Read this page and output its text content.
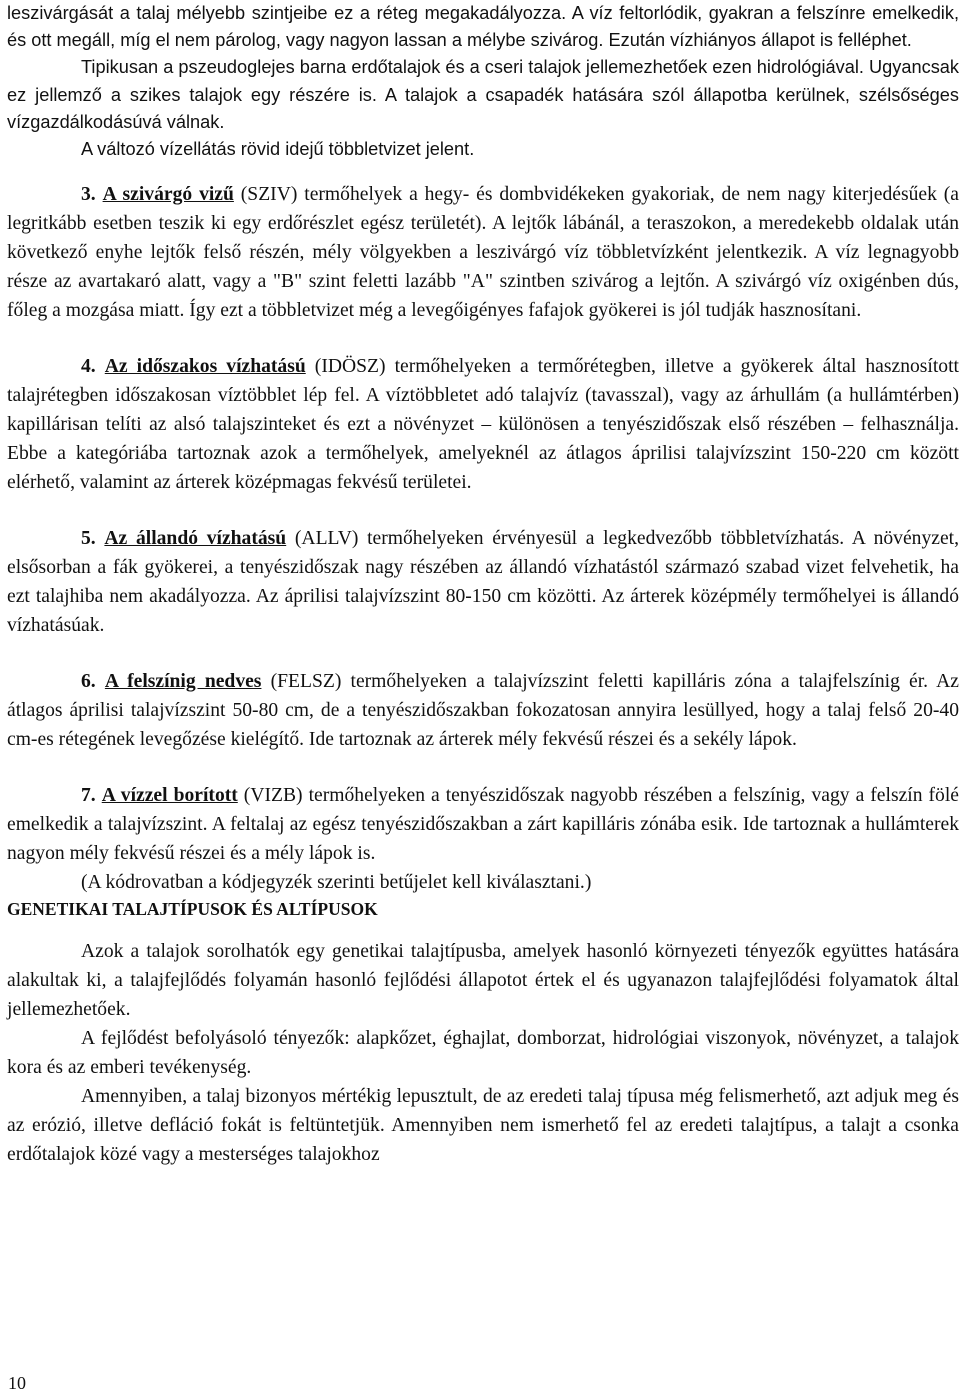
leszivárgását a talaj mélyebb szintjeibe ez a réteg megakadályozza. A víz feltorlódik, gyakran a felszínre emelkedik, és ott megáll, míg el nem párolog, vagy nagyon lassan a mélybe szivárog. Ezután vízhiányos állapot is felléphet.

Tipikusan a pszeudoglejes barna erdőtalajok és a cseri talajok jellemezhetőek ezen hidrológiával. Ugyancsak ez jellemző a szikes talajok egy részére is. A talajok a csapadék hatására szól állapotba kerülnek, szélsőséges vízgazdálkodásúvá válnak.

A változó vízellátás rövid idejű többletvizet jelent.

3. A szivárgó vizű (SZIV) termőhelyek a hegy- és dombvidékeken gyakoriak, de nem nagy kiterjedésűek (a legritkább esetben teszik ki egy erdőrészlet egész területét). A lejtők lábánál, a teraszokon, a meredekebb oldalak után következő enyhe lejtők felső részén, mély völgyekben a leszivárgó víz többletvízként jelentkezik. A víz legnagyobb része az avartakaró alatt, vagy a "B" szint feletti lazább "A" szintben szivárog a lejtőn. A szivárgó víz oxigénben dús, főleg a mozgása miatt. Így ezt a többletvizet még a levegőigényes fafajok gyökerei is jól tudják hasznosítani.

4. Az időszakos vízhatású (IDÖSZ) termőhelyeken a termőrétegben, illetve a gyökerek által hasznosított talajrétegben időszakosan víztöbblet lép fel. A víztöbbletet adó talajvíz (tavasszal), vagy az árhullám (a hullámtérben) kapillárisan telíti az alsó talajszinteket és ezt a növényzet – különösen a tenyészidőszak első részében – felhasználja. Ebbe a kategóriába tartoznak azok a termőhelyek, amelyeknél az átlagos áprilisi talajvízszint 150-220 cm között elérhető, valamint az árterek középmagas fekvésű területei.

5. Az állandó vízhatású (ALLV) termőhelyeken érvényesül a legkedvezőbb többletvízhatás. A növényzet, elsősorban a fák gyökerei, a tenyészidőszak nagy részében az állandó vízhatástól származó szabad vizet felvehetik, ha ezt talajhiba nem akadályozza. Az áprilisi talajvízszint 80-150 cm közötti. Az árterek középmély termőhelyei is állandó vízhatásúak.

6. A felszínig nedves (FELSZ) termőhelyeken a talajvízszint feletti kapilláris zóna a talajfelszínig ér. Az átlagos áprilisi talajvízszint 50-80 cm, de a tenyészidőszakban fokozatosan annyira lesüllyed, hogy a talaj felső 20-40 cm-es rétegének levegőzése kielégítő. Ide tartoznak az árterek mély fekvésű részei és a sekély lápok.

7. A vízzel borított (VIZB) termőhelyeken a tenyészidőszak nagyobb részében a felszínig, vagy a felszín fölé emelkedik a talajvízszint. A feltalaj az egész tenyészidőszakban a zárt kapilláris zónába esik. Ide tartoznak a hullámterek nagyon mély fekvésű részei és a mély lápok is.

(A kódrovatban a kódjegyzék szerinti betűjelet kell kiválasztani.)

GENETIKAI TALAJTÍPUSOK ÉS ALTÍPUSOK

Azok a talajok sorolhatók egy genetikai talajtípusba, amelyek hasonló környezeti tényezők együttes hatására alakultak ki, a talajfejlődés folyamán hasonló fejlődési állapotot értek el és ugyanazon talajfejlődési folyamatok által jellemezhetőek.

A fejlődést befolyásoló tényezők: alapkőzet, éghajlat, domborzat, hidrológiai viszonyok, növényzet, a talajok kora és az emberi tevékenység.

Amennyiben, a talaj bizonyos mértékig lepusztult, de az eredeti talaj típusa még felismerhető, azt adjuk meg és az erózió, illetve defláció fokát is feltüntetjük. Amennyiben nem ismerhető fel az eredeti talajtípus, a talajt a csonka erdőtalajok közé vagy a mesterséges talajokhoz

10
